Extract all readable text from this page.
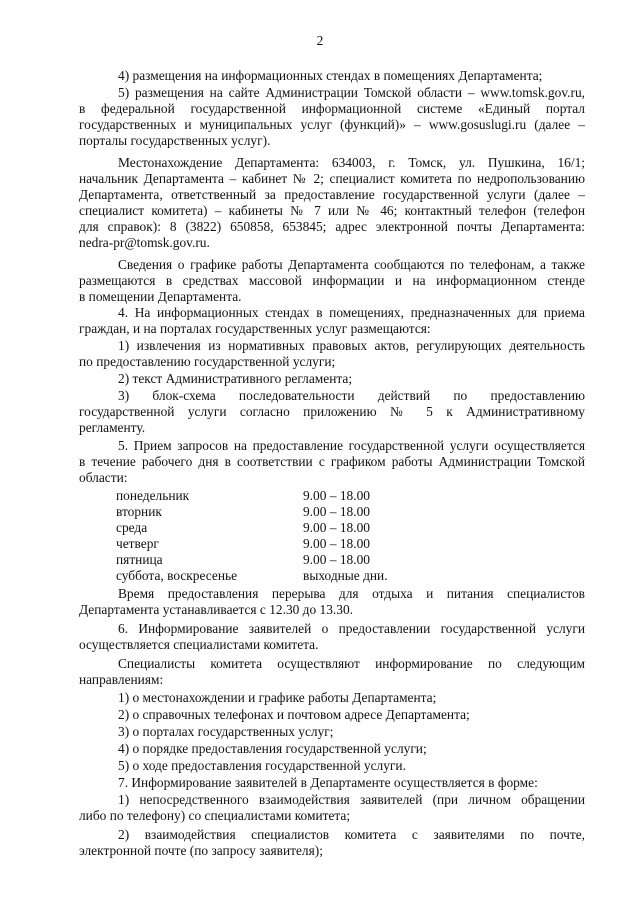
2
4) размещения на информационных стендах в помещениях Департамента;
5) размещения на сайте Администрации Томской области – www.tomsk.gov.ru,
в федеральной государственной информационной системе «Единый портал
государственных и муниципальных услуг (функций)» – www.gosuslugi.ru (далее –
порталы государственных услуг).
Местонахождение Департамента: 634003, г. Томск, ул. Пушкина, 16/1;
начальник Департамента – кабинет № 2; специалист комитета по недропользованию
Департамента, ответственный за предоставление государственной услуги (далее –
специалист комитета) – кабинеты № 7 или № 46; контактный телефон (телефон
для справок): 8 (3822) 650858, 653845; адрес электронной почты Департамента:
nedra-pr@tomsk.gov.ru.
Сведения о графике работы Департамента сообщаются по телефонам, а также
размещаются в средствах массовой информации и на информационном стенде
в помещении Департамента.
4. На информационных стендах в помещениях, предназначенных для приема
граждан, и на порталах государственных услуг размещаются:
1) извлечения из нормативных правовых актов, регулирующих деятельность
по предоставлению государственной услуги;
2) текст Административного регламента;
3) блок-схема последовательности действий по предоставлению
государственной услуги согласно приложению № 5 к Административному
регламенту.
5. Прием запросов на предоставление государственной услуги осуществляется
в течение рабочего дня в соответствии с графиком работы Администрации Томской
области:
понедельник	9.00 – 18.00
вторник	9.00 – 18.00
среда	9.00 – 18.00
четверг	9.00 – 18.00
пятница	9.00 – 18.00
суббота, воскресенье	выходные дни.
Время предоставления перерыва для отдыха и питания специалистов
Департамента устанавливается с 12.30 до 13.30.
6. Информирование заявителей о предоставлении государственной услуги
осуществляется специалистами комитета.
Специалисты комитета осуществляют информирование по следующим
направлениям:
1) о местонахождении и графике работы Департамента;
2) о справочных телефонах и почтовом адресе Департамента;
3) о порталах государственных услуг;
4) о порядке предоставления государственной услуги;
5) о ходе предоставления государственной услуги.
7. Информирование заявителей в Департаменте осуществляется в форме:
1) непосредственного взаимодействия заявителей (при личном обращении
либо по телефону) со специалистами комитета;
2) взаимодействия специалистов комитета с заявителями по почте,
электронной почте (по запросу заявителя);
